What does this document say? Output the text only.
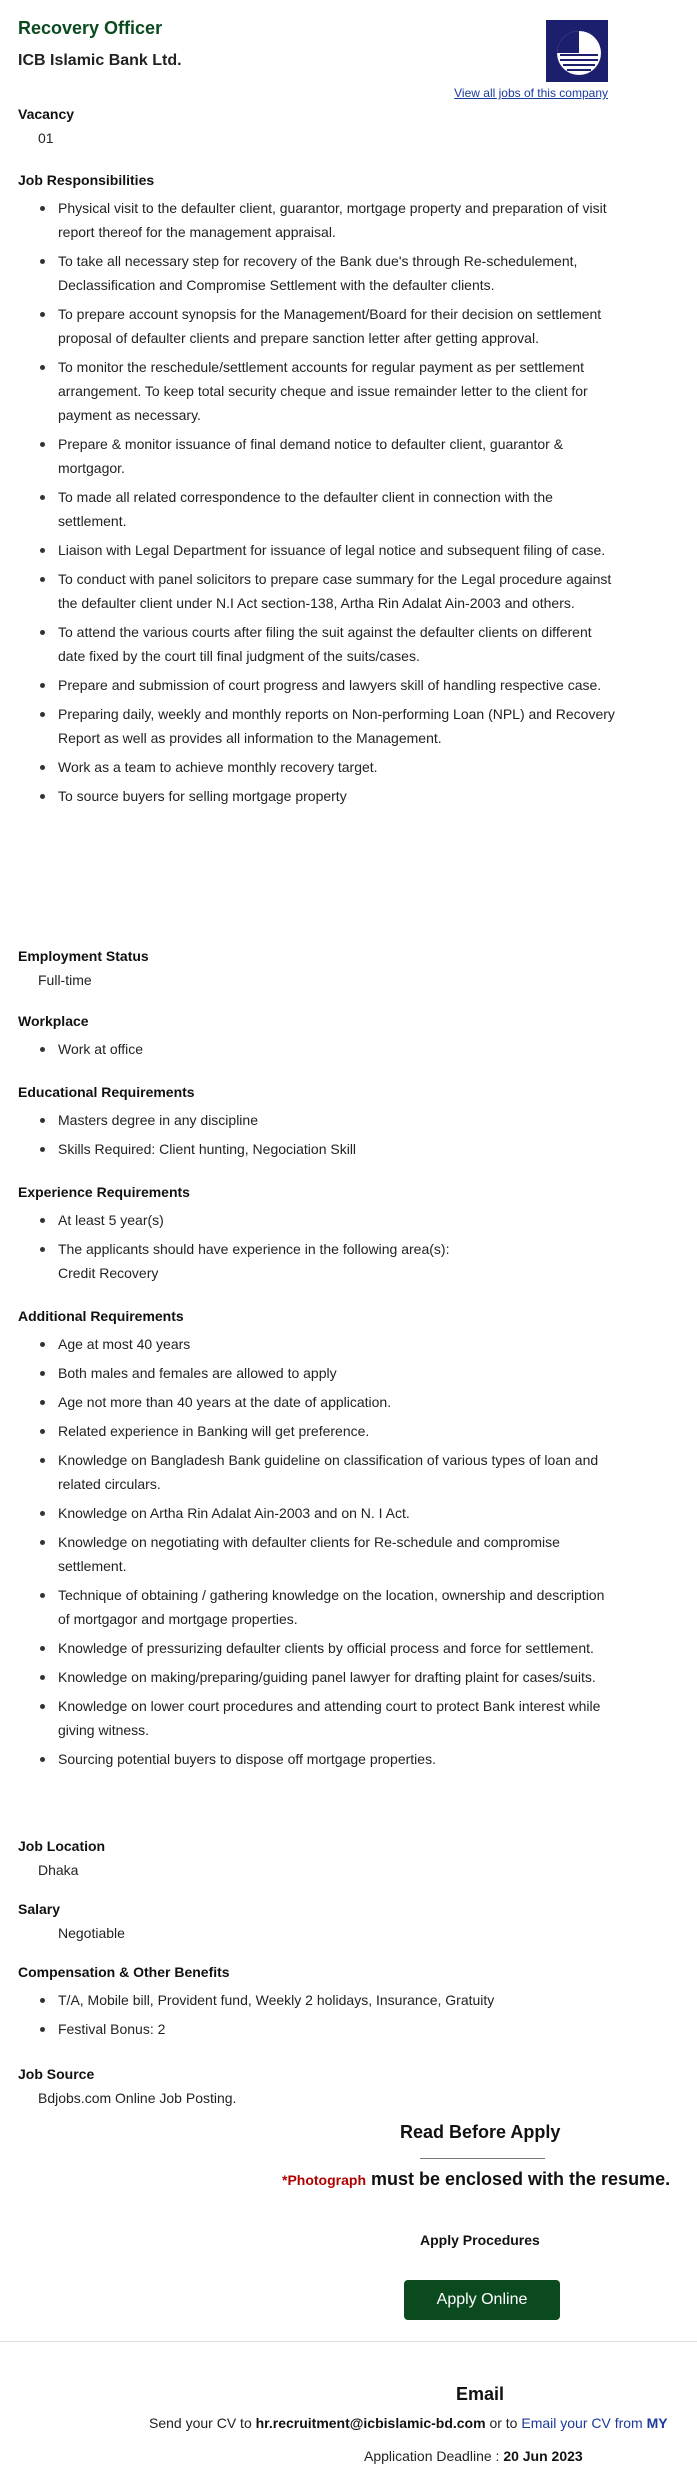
Recovery Officer
ICB Islamic Bank Ltd.
View all jobs of this company
Vacancy
01
Job Responsibilities
Physical visit to the defaulter client, guarantor, mortgage property and preparation of visit report thereof for the management appraisal.
To take all necessary step for recovery of the Bank due's through Re-schedulement, Declassification and Compromise Settlement with the defaulter clients.
To prepare account synopsis for the Management/Board for their decision on settlement proposal of defaulter clients and prepare sanction letter after getting approval.
To monitor the reschedule/settlement accounts for regular payment as per settlement arrangement. To keep total security cheque and issue remainder letter to the client for payment as necessary.
Prepare & monitor issuance of final demand notice to defaulter client, guarantor & mortgagor.
To made all related correspondence to the defaulter client in connection with the settlement.
Liaison with Legal Department for issuance of legal notice and subsequent filing of case.
To conduct with panel solicitors to prepare case summary for the Legal procedure against the defaulter client under N.I Act section-138, Artha Rin Adalat Ain-2003 and others.
To attend the various courts after filing the suit against the defaulter clients on different date fixed by the court till final judgment of the suits/cases.
Prepare and submission of court progress and lawyers skill of handling respective case.
Preparing daily, weekly and monthly reports on Non-performing Loan (NPL) and Recovery Report as well as provides all information to the Management.
Work as a team to achieve monthly recovery target.
To source buyers for selling mortgage property
Employment Status
Full-time
Workplace
Work at office
Educational Requirements
Masters degree in any discipline
Skills Required: Client hunting, Negociation Skill
Experience Requirements
At least 5 year(s)
The applicants should have experience in the following area(s):
Credit Recovery
Additional Requirements
Age at most 40 years
Both males and females are allowed to apply
Age not more than 40 years at the date of application.
Related experience in Banking will get preference.
Knowledge on Bangladesh Bank guideline on classification of various types of loan and related circulars.
Knowledge on Artha Rin Adalat Ain-2003 and on N. I Act.
Knowledge on negotiating with defaulter clients for Re-schedule and compromise settlement.
Technique of obtaining / gathering knowledge on the location, ownership and description of mortgagor and mortgage properties.
Knowledge of pressurizing defaulter clients by official process and force for settlement.
Knowledge on making/preparing/guiding panel lawyer for drafting plaint for cases/suits.
Knowledge on lower court procedures and attending court to protect Bank interest while giving witness.
Sourcing potential buyers to dispose off mortgage properties.
Job Location
Dhaka
Salary
Negotiable
Compensation & Other Benefits
T/A, Mobile bill, Provident fund, Weekly 2 holidays, Insurance, Gratuity
Festival Bonus: 2
Job Source
Bdjobs.com Online Job Posting.
Read Before Apply
*Photograph must be enclosed with the resume.
Apply Procedures
Apply Online
Email
Send your CV to hr.recruitment@icbislamic-bd.com or to Email your CV from MY
Application Deadline : 20 Jun 2023
